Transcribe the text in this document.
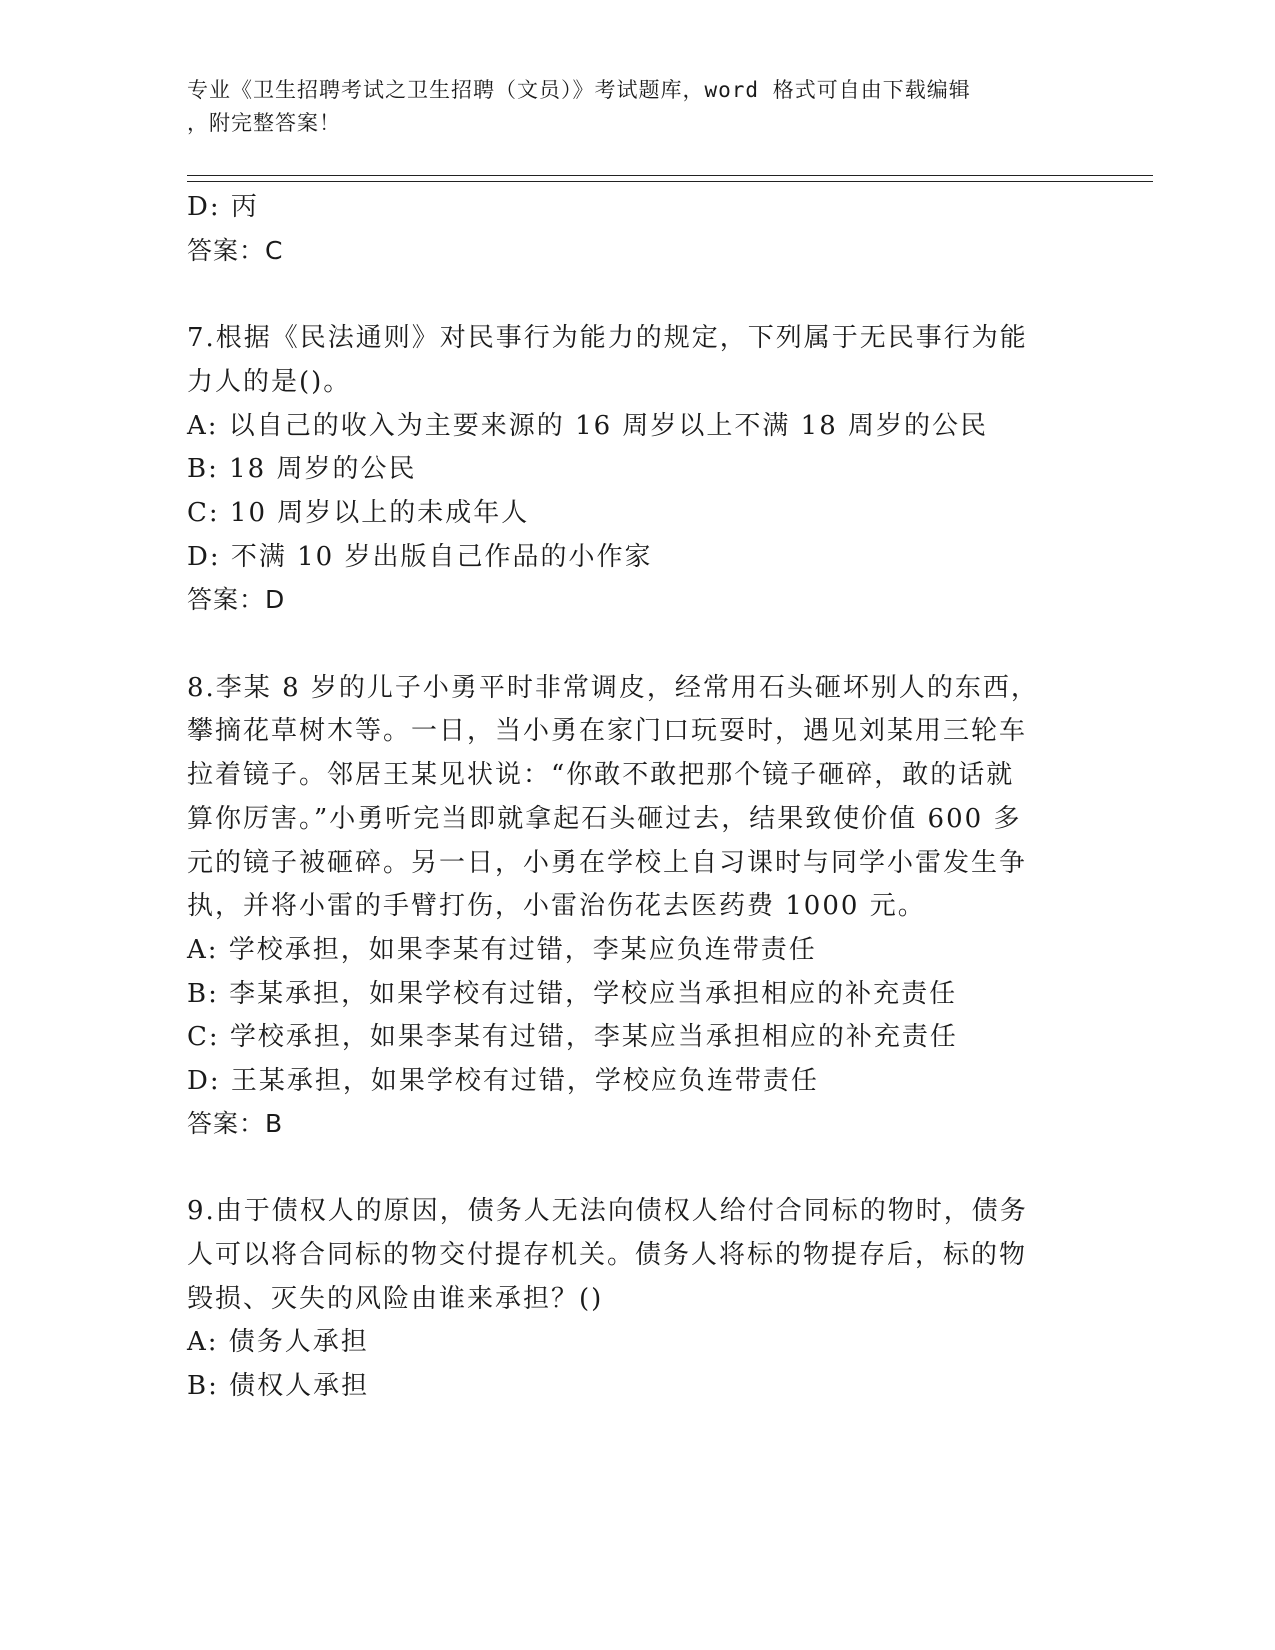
专业《卫生招聘考试之卫生招聘（文员）》考试题库，word 格式可自由下载编辑
，附完整答案！
D: 丙
答案：C
7.根据《民法通则》对民事行为能力的规定，下列属于无民事行为能
力人的是()。
A: 以自己的收入为主要来源的 16 周岁以上不满 18 周岁的公民
B: 18 周岁的公民
C: 10 周岁以上的未成年人
D: 不满 10 岁出版自己作品的小作家
答案：D
8.李某 8 岁的儿子小勇平时非常调皮，经常用石头砸坏别人的东西，
攀摘花草树木等。一日，当小勇在家门口玩耍时，遇见刘某用三轮车
拉着镜子。邻居王某见状说：“你敢不敢把那个镜子砸碎，敢的话就
算你厉害。”小勇听完当即就拿起石头砸过去，结果致使价值 600 多
元的镜子被砸碎。另一日，小勇在学校上自习课时与同学小雷发生争
执，并将小雷的手臂打伤，小雷治伤花去医药费 1000 元。
A: 学校承担，如果李某有过错，李某应负连带责任
B: 李某承担，如果学校有过错，学校应当承担相应的补充责任
C: 学校承担，如果李某有过错，李某应当承担相应的补充责任
D: 王某承担，如果学校有过错，学校应负连带责任
答案：B
9.由于债权人的原因，债务人无法向债权人给付合同标的物时，债务
人可以将合同标的物交付提存机关。债务人将标的物提存后，标的物
毁损、灭失的风险由谁来承担？()
A: 债务人承担
B: 债权人承担
